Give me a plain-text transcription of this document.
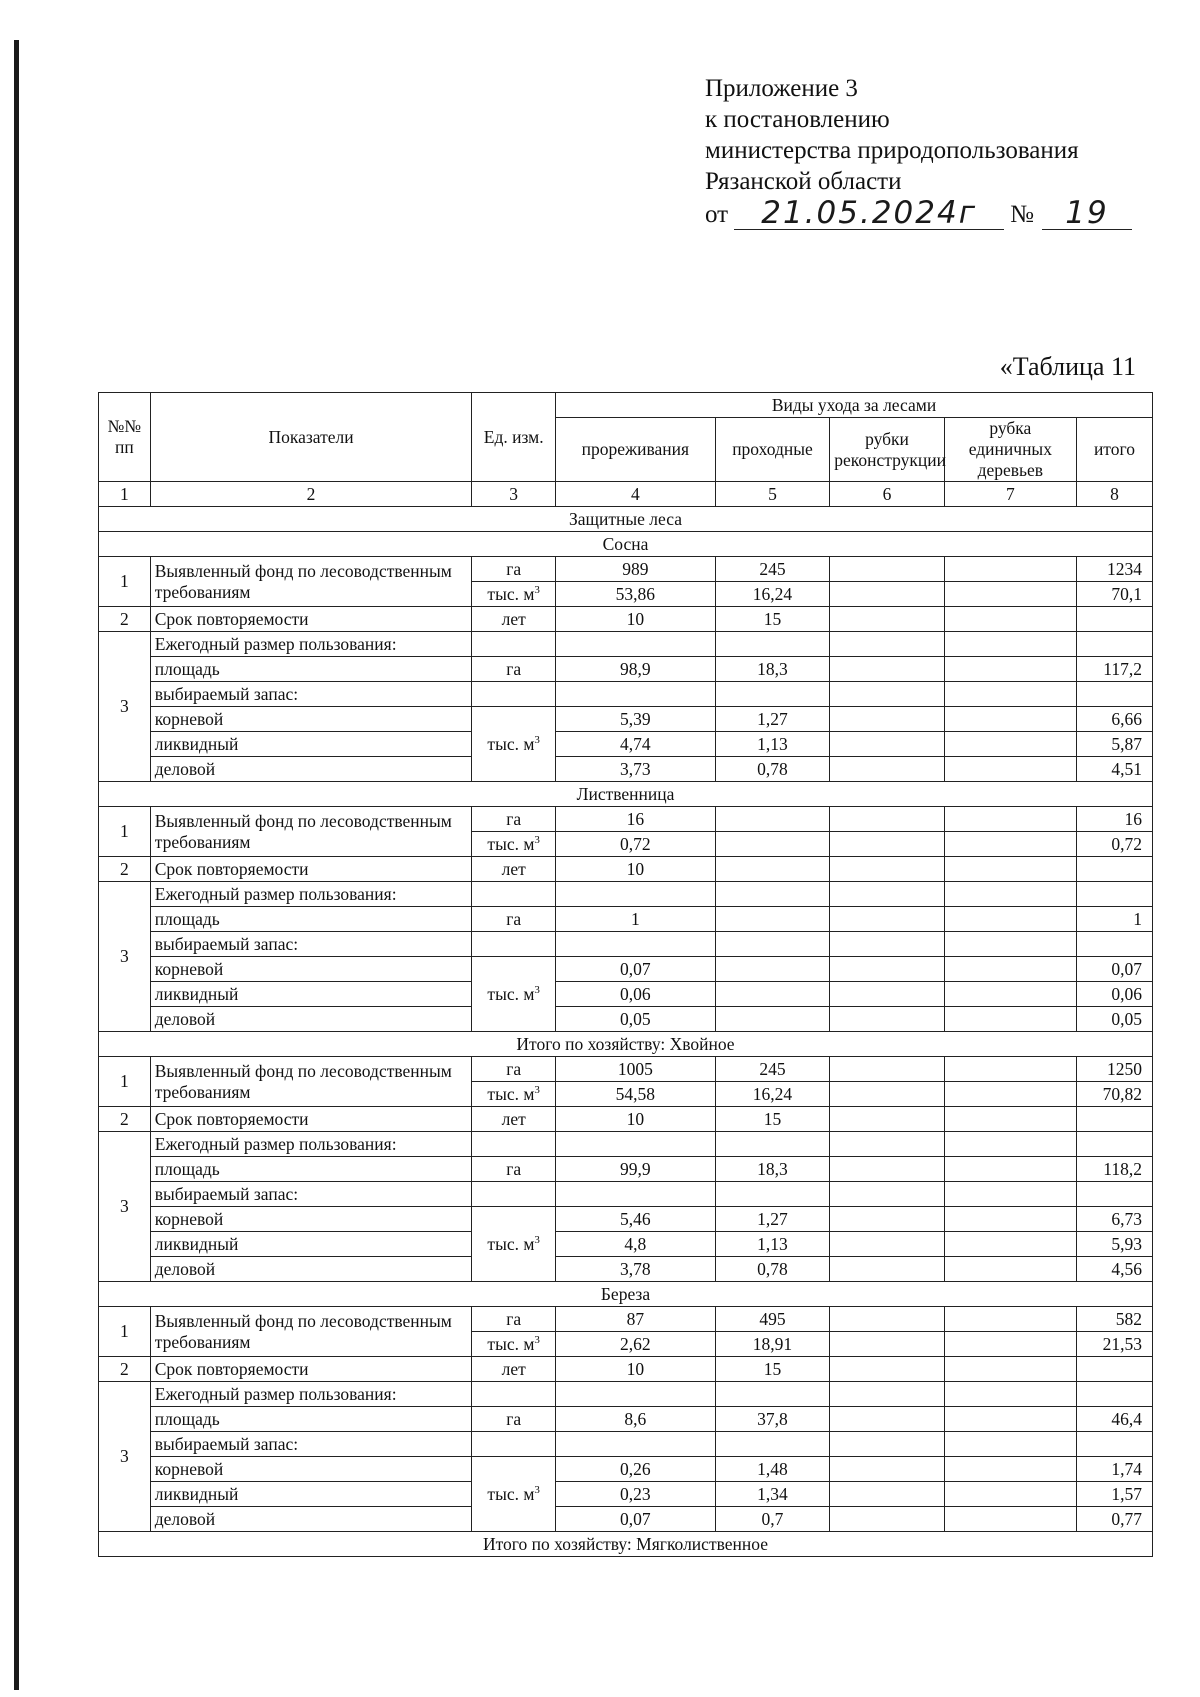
Приложение 3
к постановлению
министерства природопользования
Рязанской области
от	21.05.2024г	№	19
«Таблица 11
№№ пп	Показатели	Ед. изм.	Виды ухода за лесами				
			прореживания	проходные	рубки реконструкции	рубка единичных деревьев	итого
1	2	3	4	5	6	7	8
Защитные леса							
Сосна							
1	Выявленный фонд по лесоводственным требованиям	га	989	245			1234
		тыс. $м^3$	53,86	16,24			70,1
2	Срок повторяемости	лет	10	15			
3	Ежегодный размер пользования:						
	площадь	га	98,9	18,3			117,2
	выбираемый запас:						
	корневой	тыс. $м^3$	5,39	1,27			6,66
	ликвидный		4,74	1,13			5,87
	деловой		3,73	0,78			4,51
Лиственница							
1	Выявленный фонд по лесоводственным требованиям	га	16				16
		тыс. $м^3$	0,72				0,72
2	Срок повторяемости	лет	10				
3	Ежегодный размер пользования:						
	площадь	га	1				1
	выбираемый запас:						
	корневой	тыс. $м^3$	0,07				0,07
	ликвидный		0,06				0,06
	деловой		0,05				0,05
Итого по хозяйству: Хвойное							
1	Выявленный фонд по лесоводственным требованиям	га	1005	245			1250
		тыс. $м^3$	54,58	16,24			70,82
2	Срок повторяемости	лет	10	15			
3	Ежегодный размер пользования:						
	площадь	га	99,9	18,3			118,2
	выбираемый запас:						
	корневой	тыс. $м^3$	5,46	1,27			6,73
	ликвидный		4,8	1,13			5,93
	деловой		3,78	0,78			4,56
Береза							
1	Выявленный фонд по лесоводственным требованиям	га	87	495			582
		тыс. $м^3$	2,62	18,91			21,53
2	Срок повторяемости	лет	10	15			
3	Ежегодный размер пользования:						
	площадь	га	8,6	37,8			46,4
	выбираемый запас:						
	корневой	тыс. $м^3$	0,26	1,48			1,74
	ликвидный		0,23	1,34			1,57
	деловой		0,07	0,7			0,77
Итого по хозяйству: Мягколиственное							
